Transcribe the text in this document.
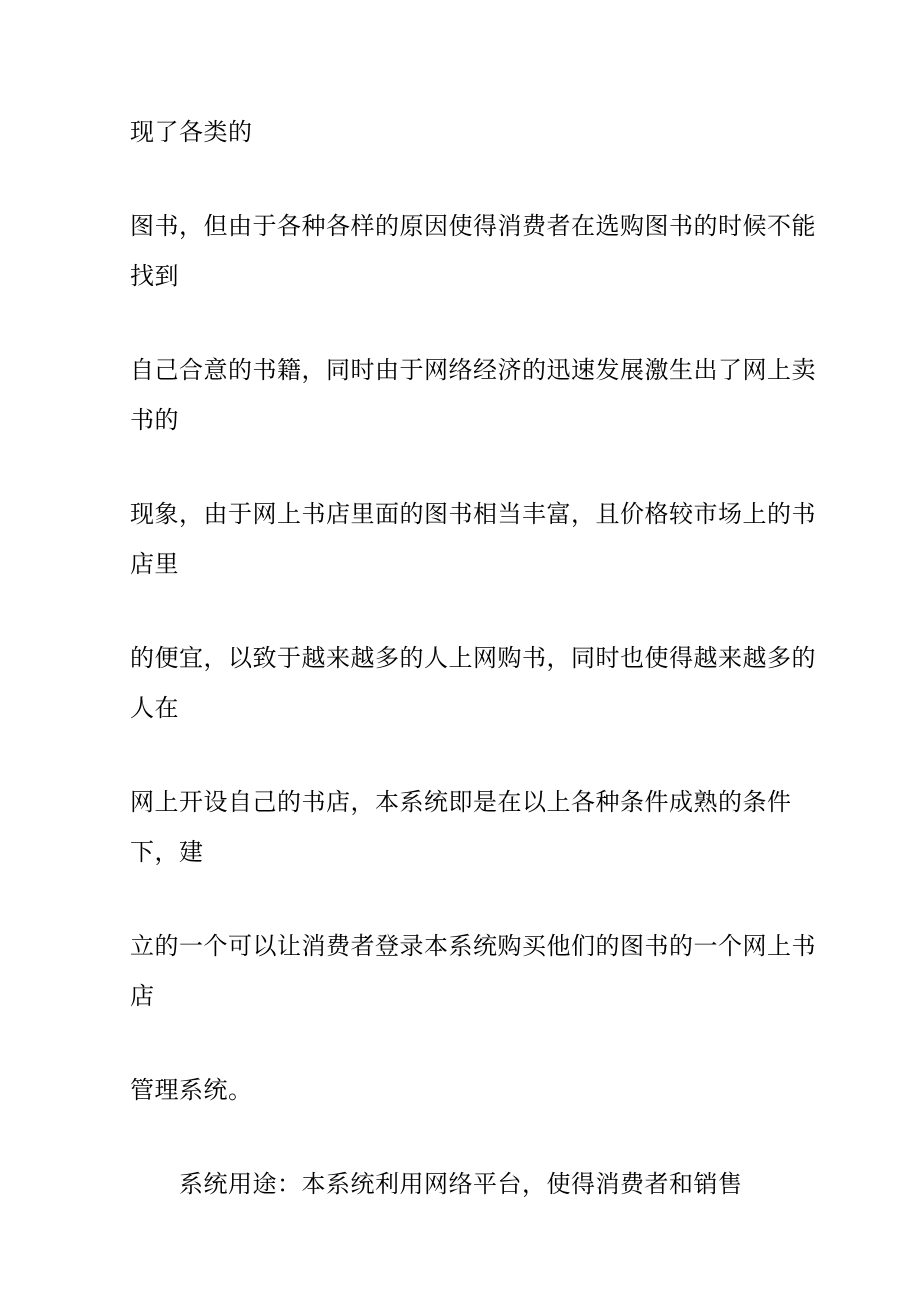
现了各类的
图书，但由于各种各样的原因使得消费者在选购图书的时候不能
找到
自己合意的书籍，同时由于网络经济的迅速发展激生出了网上卖
书的
现象，由于网上书店里面的图书相当丰富，且价格较市场上的书
店里
的便宜，以致于越来越多的人上网购书，同时也使得越来越多的
人在
网上开设自己的书店，本系统即是在以上各种条件成熟的条件
下，建
立的一个可以让消费者登录本系统购买他们的图书的一个网上书
店
管理系统。
系统用途：本系统利用网络平台，使得消费者和销售
